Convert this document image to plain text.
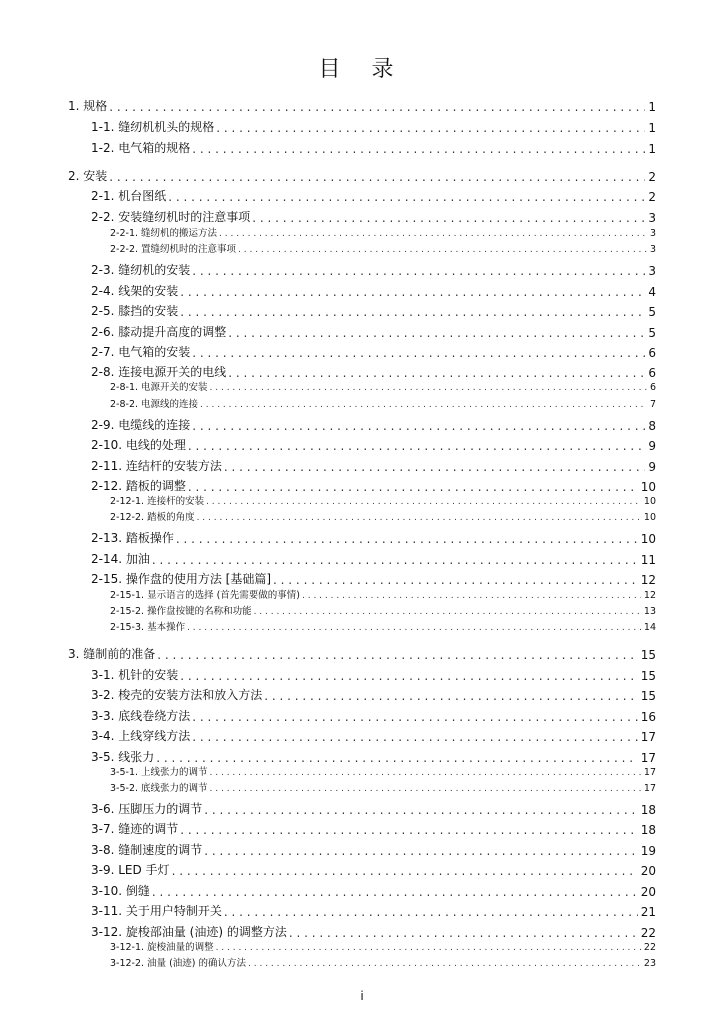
目 录
1. 规格 . . .	1
1-1. 缝纫机机头的规格 . . .	1
1-2. 电气箱的规格 . . .	1
2. 安装 . . .	2
2-1. 机台图纸 . . .	2
2-2. 安装缝纫机时的注意事项 . . .	3
2-2-1. 缝纫机的搬运方法 . . .	3
2-2-2. 置缝纫机时的注意事项 . . .	3
2-3. 缝纫机的安装 . . .	3
2-4. 线架的安装 . . .	4
2-5. 膝挡的安装 . . .	5
2-6. 膝动提升高度的调整 . . .	5
2-7. 电气箱的安装 . . .	6
2-8. 连接电源开关的电线 . . .	6
2-8-1. 电源开关的安装 . . .	6
2-8-2. 电源线的连接 . . .	7
2-9. 电缆线的连接 . . .	8
2-10. 电线的处理 . . .	9
2-11. 连结杆的安装方法 . . .	9
2-12. 踏板的调整 . . .	10
2-12-1. 连接杆的安装 . . .	10
2-12-2. 踏板的角度 . . .	10
2-13. 踏板操作 . . .	10
2-14. 加油 . . .	11
2-15. 操作盘的使用方法 [基础篇] . . .	12
2-15-1. 显示语言的选择 (首先需要做的事情) . . .	12
2-15-2. 操作盘按键的名称和功能 . . .	13
2-15-3. 基本操作 . . .	14
3. 缝制前的准备 . . .	15
3-1. 机针的安装 . . .	15
3-2. 梭壳的安装方法和放入方法 . . .	15
3-3. 底线卷绕方法 . . .	16
3-4. 上线穿线方法 . . .	17
3-5. 线张力 . . .	17
3-5-1. 上线张力的调节 . . .	17
3-5-2. 底线张力的调节 . . .	17
3-6. 压脚压力的调节 . . .	18
3-7. 缝迹的调节 . . .	18
3-8. 缝制速度的调节 . . .	19
3-9. LED 手灯 . . .	20
3-10. 倒缝 . . .	20
3-11. 关于用户特制开关 . . .	21
3-12. 旋梭部油量 (油迹) 的调整方法 . . .	22
3-12-1. 旋梭油量的调整 . . .	22
3-12-2. 油量 (油迹) 的确认方法 . . .	23
i
